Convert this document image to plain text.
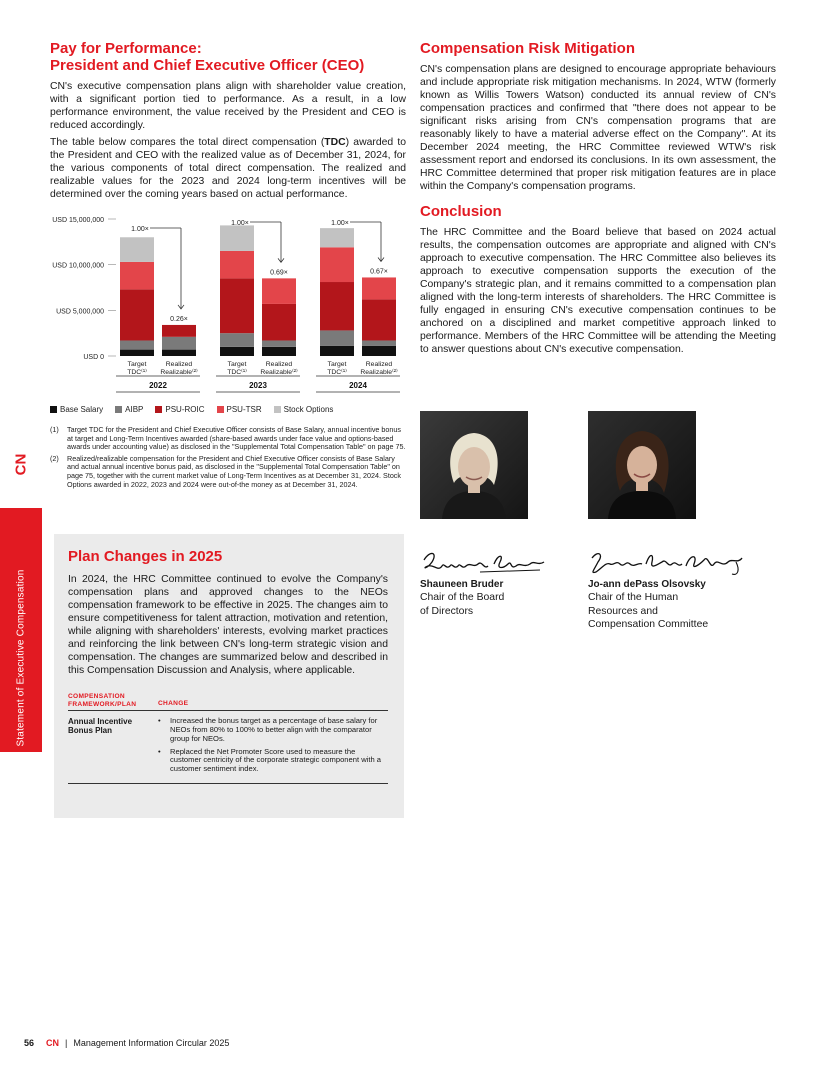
CN
Statement of Executive Compensation
Pay for Performance:
President and Chief Executive Officer (CEO)

CN's executive compensation plans align with shareholder value creation, with a significant portion tied to performance. As a result, in a low performance environment, the value received by the President and CEO is reduced accordingly.

The table below compares the total direct compensation (TDC) awarded to the President and CEO with the realized value as of December 31, 2024, for the various components of total direct compensation. The realized and realizable values for the 2023 and 2024 long-term incentives will be determined over the coming years based on actual performance.

USD 15,000,000
USD 10,000,000
USD 5,000,000
USD 0
1.00×
0.26×
1.00×
0.69×
1.00×
0.67×
Target
TDC⁽¹⁾
Realized
Realizable⁽²⁾
Target
TDC⁽¹⁾
Realized
Realizable⁽²⁾
Target
TDC⁽¹⁾
Realized
Realizable⁽²⁾
2022	2023	2024
Base Salary	AIBP	PSU-ROIC	PSU-TSR	Stock Options
(1)	Target TDC for the President and Chief Executive Officer consists of Base Salary, annual incentive bonus at target and Long-Term Incentives awarded (share-based awards under face value and options-based awards under accounting value) as disclosed in the "Supplemental Total Compensation Table" on page 75.
(2)	Realized/realizable compensation for the President and Chief Executive Officer consists of Base Salary and actual annual incentive bonus paid, as disclosed in the "Supplemental Total Compensation Table" on page 75, together with the current market value of Long-Term Incentives as at December 31, 2024. Stock Options awarded in 2022, 2023 and 2024 were out-of-the money as at December 31, 2024.
Plan Changes in 2025

In 2024, the HRC Committee continued to evolve the Company's compensation plans and approved changes to the NEOs compensation framework to be effective in 2025. The changes aim to ensure competitiveness for talent attraction, motivation and retention, while aligning with shareholders' interests, evolving market practices and reinforcing the link between CN's long-term strategic vision and compensation. The changes are summarized below and described in this Compensation Discussion and Analysis, where applicable.

COMPENSATION FRAMEWORK/PLAN	CHANGE
Annual Incentive Bonus Plan
•	Increased the bonus target as a percentage of base salary for NEOs from 80% to 100% to better align with the comparator group for NEOs.
•	Replaced the Net Promoter Score used to measure the customer centricity of the corporate strategic component with a customer sentiment index.
Compensation Risk Mitigation

CN's compensation plans are designed to encourage appropriate behaviours and include appropriate risk mitigation mechanisms. In 2024, WTW (formerly known as Willis Towers Watson) conducted its annual review of CN's compensation practices and confirmed that "there does not appear to be significant risks arising from CN's compensation programs that are reasonably likely to have a material adverse effect on the Company". At its December 2024 meeting, the HRC Committee reviewed WTW's risk assessment report and endorsed its conclusions. In its own assessment, the HRC Committee determined that proper risk mitigation features are in place within the Company's compensation programs.

Conclusion

The HRC Committee and the Board believe that based on 2024 actual results, the compensation outcomes are appropriate and aligned with CN's approach to executive compensation. The HRC Committee also believes its approach to executive compensation supports the execution of the Company's strategic plan, and it remains committed to a compensation plan aligned with the long-term interests of shareholders. The HRC Committee is fully engaged in ensuring CN's executive compensation continues to be anchored on a disciplined and market competitive approach linked to performance. Members of the HRC Committee will be attending the Meeting to answer questions about CN's executive compensation.

Shauneen Bruder
Chair of the Board
of Directors
Jo-ann dePass Olsovsky
Chair of the Human
Resources and
Compensation Committee
56 CN | Management Information Circular 2025
